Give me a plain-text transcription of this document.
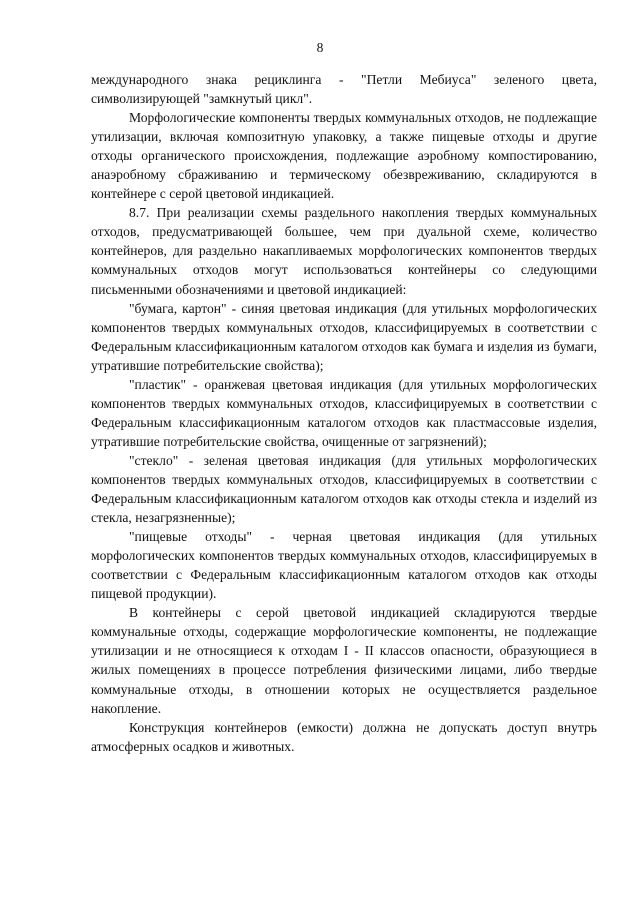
8

международного знака рециклинга - "Петли Мебиуса" зеленого цвета, символизирующей "замкнутый цикл".

Морфологические компоненты твердых коммунальных отходов, не подлежащие утилизации, включая композитную упаковку, а также пищевые отходы и другие отходы органического происхождения, подлежащие аэробному компостированию, анаэробному сбраживанию и термическому обезвреживанию, складируются в контейнере с серой цветовой индикацией.

8.7. При реализации схемы раздельного накопления твердых коммунальных отходов, предусматривающей большее, чем при дуальной схеме, количество контейнеров, для раздельно накапливаемых морфологических компонентов твердых коммунальных отходов могут использоваться контейнеры со следующими письменными обозначениями и цветовой индикацией:

"бумага, картон" - синяя цветовая индикация (для утильных морфологических компонентов твердых коммунальных отходов, классифицируемых в соответствии с Федеральным классификационным каталогом отходов как бумага и изделия из бумаги, утратившие потребительские свойства);

"пластик" - оранжевая цветовая индикация (для утильных морфологических компонентов твердых коммунальных отходов, классифицируемых в соответствии с Федеральным классификационным каталогом отходов как пластмассовые изделия, утратившие потребительские свойства, очищенные от загрязнений);

"стекло" - зеленая цветовая индикация (для утильных морфологических компонентов твердых коммунальных отходов, классифицируемых в соответствии с Федеральным классификационным каталогом отходов как отходы стекла и изделий из стекла, незагрязненные);

"пищевые отходы" - черная цветовая индикация (для утильных морфологических компонентов твердых коммунальных отходов, классифицируемых в соответствии с Федеральным классификационным каталогом отходов как отходы пищевой продукции).

В контейнеры с серой цветовой индикацией складируются твердые коммунальные отходы, содержащие морфологические компоненты, не подлежащие утилизации и не относящиеся к отходам I - II классов опасности, образующиеся в жилых помещениях в процессе потребления физическими лицами, либо твердые коммунальные отходы, в отношении которых не осуществляется раздельное накопление.

Конструкция контейнеров (емкости) должна не допускать доступ внутрь атмосферных осадков и животных.
